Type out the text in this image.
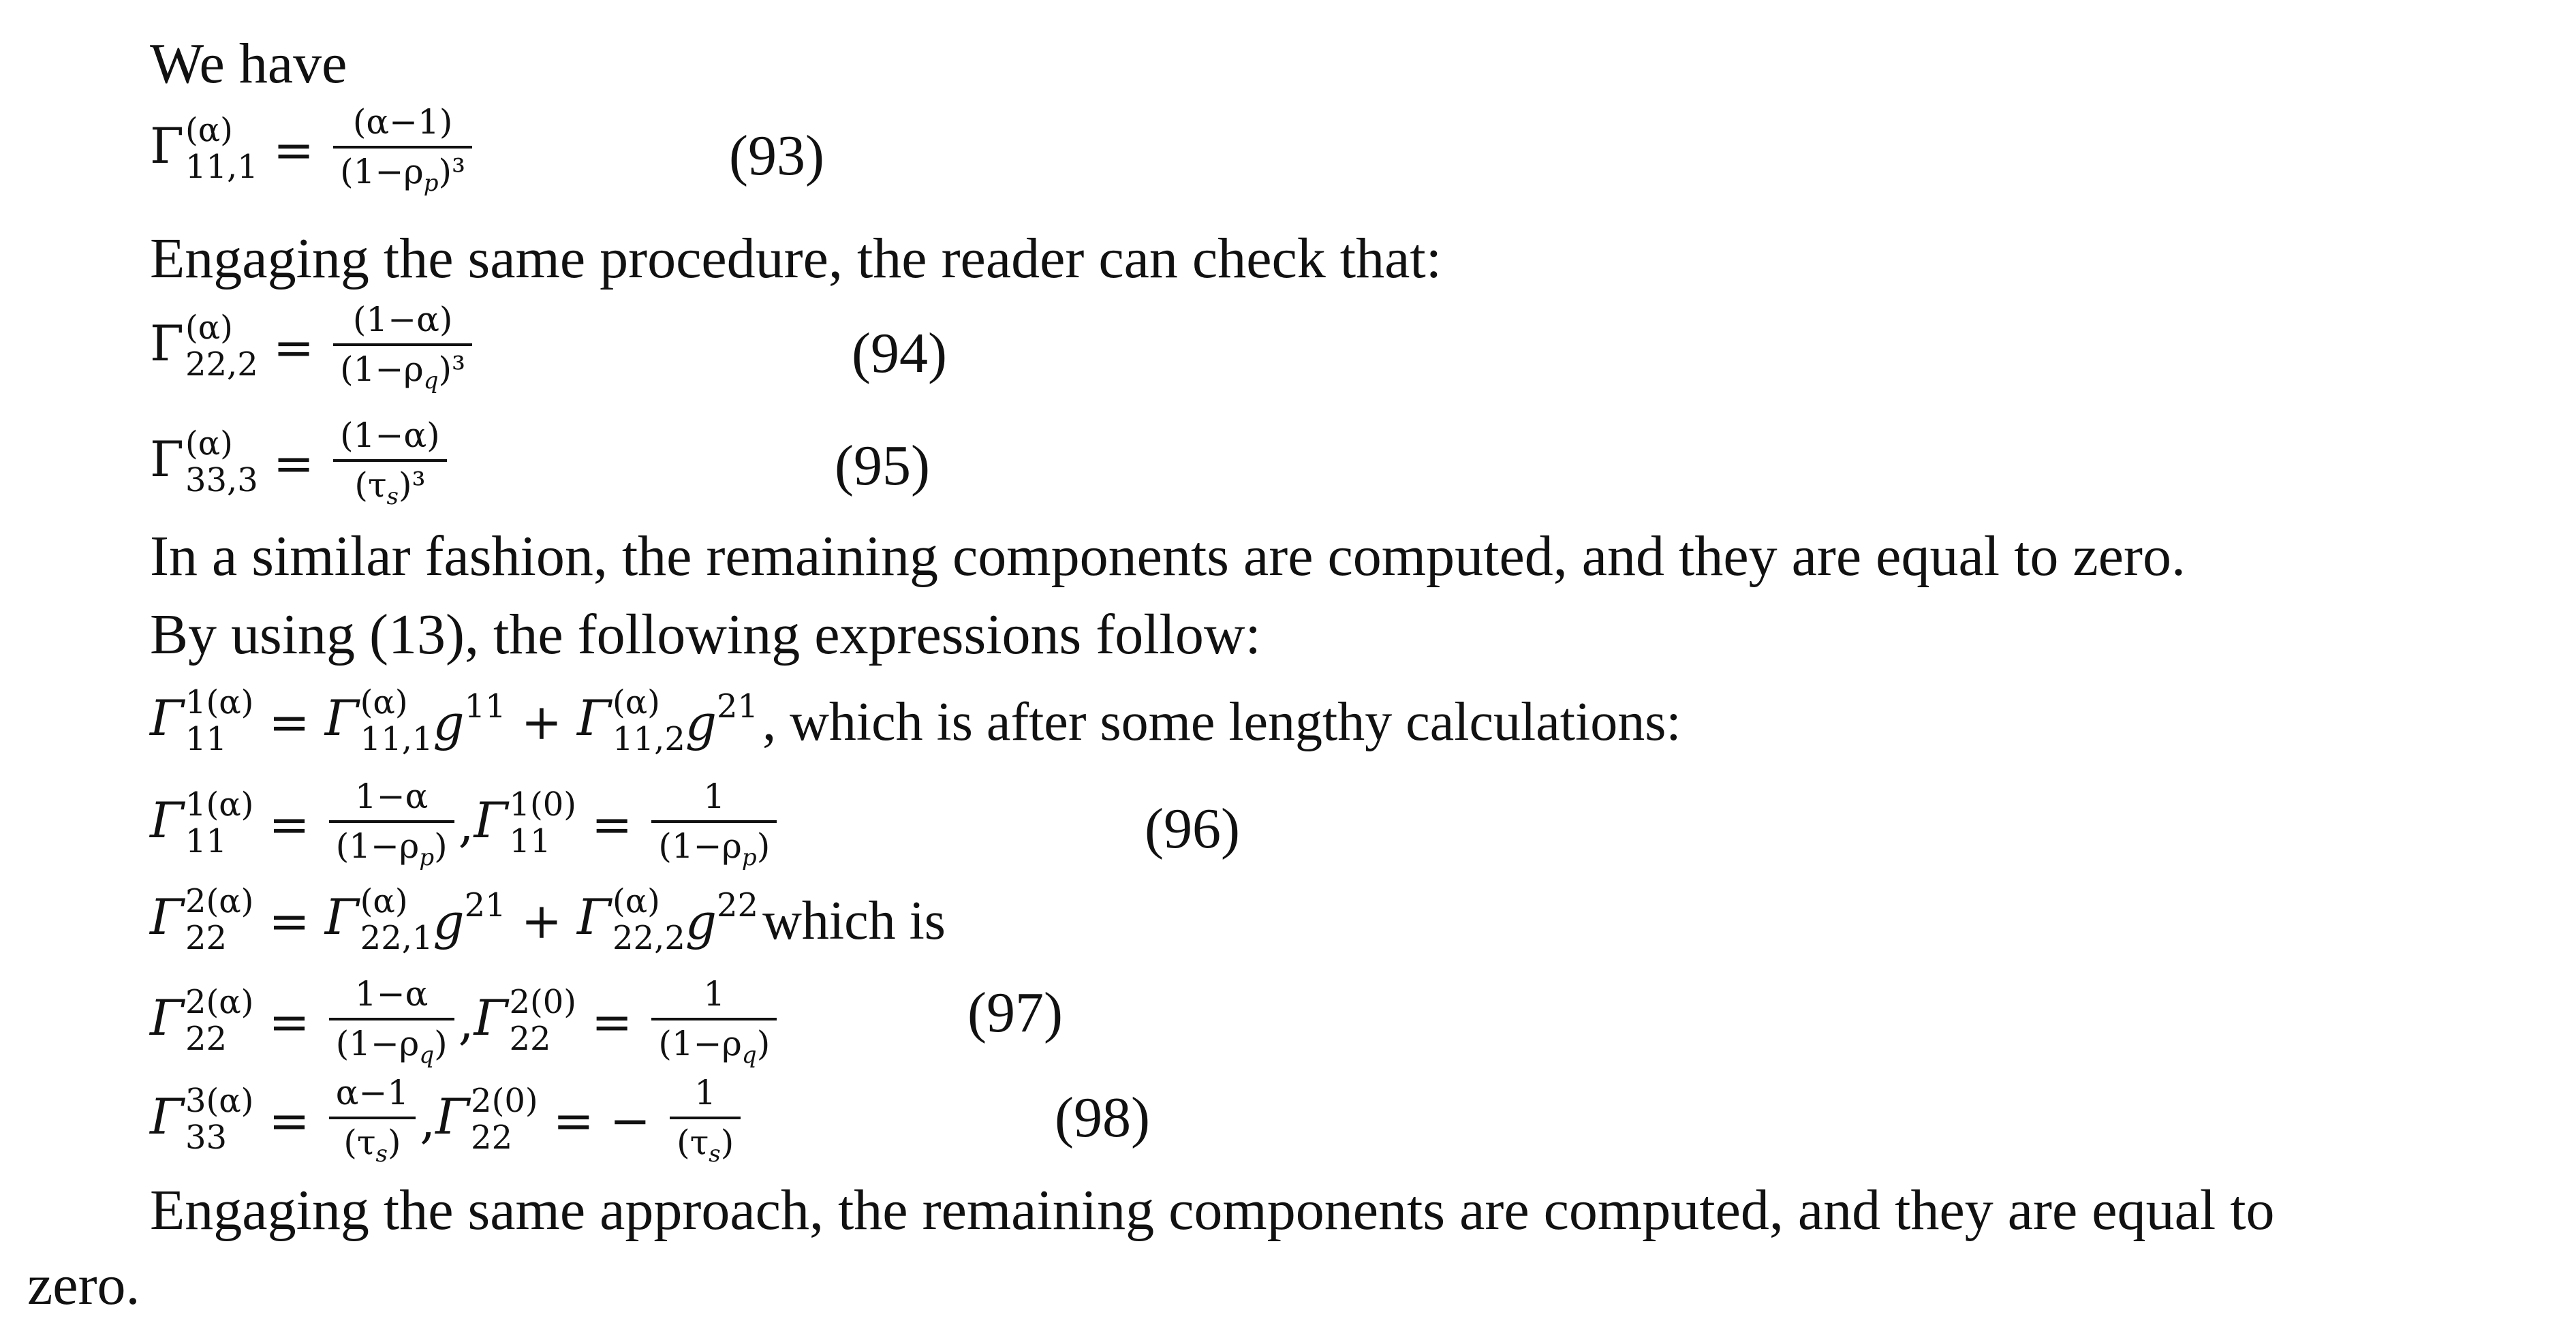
We have
Γ (α)
$11,1 = \frac{(\alpha-1)}{(1-\rho_p)^3}$	(93)
Engaging the same procedure, the reader can check that:
Γ (α)
$22,2 = \frac{(1-\alpha)}{(1-\rho_q)^3}$	(94)
Γ (α)
$33,3 = \frac{(1-\alpha)}{(\tau_s)^3}$	(95)
In a similar fashion, the remaining components are computed, and they are equal to zero.
By using (13), the following expressions follow:
Γ 1(α)
11 = Γ (α)
11,1 $g^{11} + \Gamma$ (α)
11,2 $g^{21}$ , which is after some lengthy calculations:
Γ 1(α)
$11 = \frac{1-\alpha}{(1-\rho_p)}$ , Γ 1(0)
$11 = \frac{1}{(1-\rho_p)}$	(96)
Γ 2(α)
22 = Γ (α)
22,1 $g^{21} + \Gamma$ (α)
22,2 $g^{22}$ which is
Γ 2(α)
$22 = \frac{1-\alpha}{(1-\rho_q)}$ , Γ 2(0)
$22 = \frac{1}{(1-\rho_q)}$	(97)
Γ 3(α)
$33 = \frac{\alpha-1}{(\tau_s)}$ , Γ 2(0)
22 = − $\frac{1}{(\tau_s)}$	(98)
Engaging the same approach, the remaining components are computed, and they are equal to
zero.
